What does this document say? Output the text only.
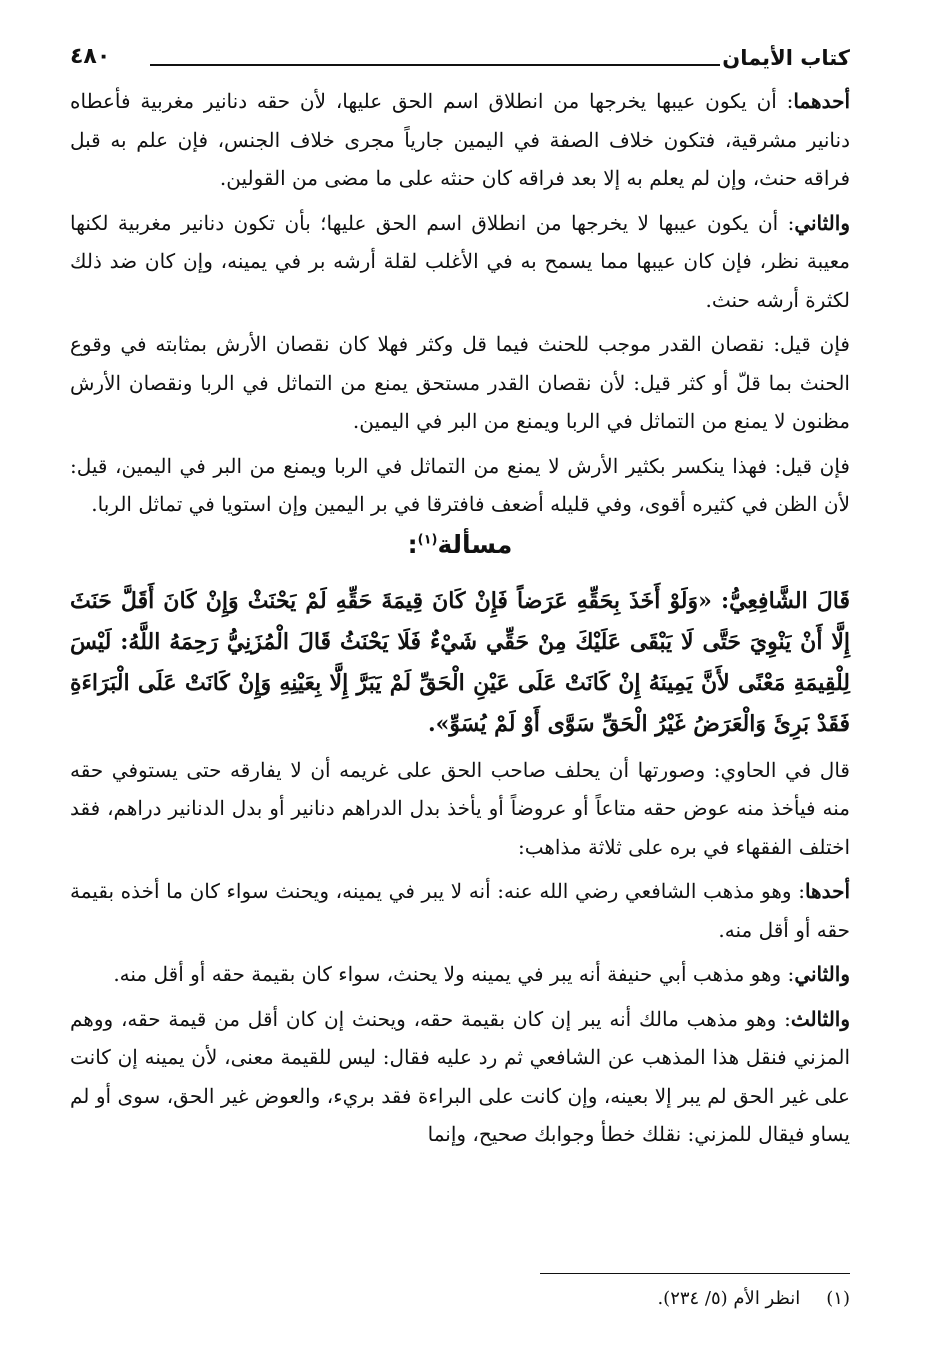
كتاب الأيمان
٤٨٠

أحدهما: أن يكون عيبها يخرجها من انطلاق اسم الحق عليها، لأن حقه دنانير مغربية فأعطاه دنانير مشرقية، فتكون خلاف الصفة في اليمين جارياً مجرى خلاف الجنس، فإن علم به قبل فراقه حنث، وإن لم يعلم به إلا بعد فراقه كان حنثه على ما مضى من القولين.

والثاني: أن يكون عيبها لا يخرجها من انطلاق اسم الحق عليها؛ بأن تكون دنانير مغربية لكنها معيبة نظر، فإن كان عيبها مما يسمح به في الأغلب لقلة أرشه بر في يمينه، وإن كان ضد ذلك لكثرة أرشه حنث.

فإن قيل: نقصان القدر موجب للحنث فيما قل وكثر فهلا كان نقصان الأرش بمثابته في وقوع الحنث بما قلّ أو كثر قيل: لأن نقصان القدر مستحق يمنع من التماثل في الربا ونقصان الأرش مظنون لا يمنع من التماثل في الربا ويمنع من البر في اليمين.

فإن قيل: فهذا ينكسر بكثير الأرش لا يمنع من التماثل في الربا ويمنع من البر في اليمين، قيل: لأن الظن في كثيره أقوى، وفي قليله أضعف فافترقا في بر اليمين وإن استويا في تماثل الربا.

مسألة$^{(١)}$:

قَالَ الشَّافِعِيُّ: «وَلَوْ أَخَذَ بِحَقِّهِ عَرَضاً فَإِنْ كَانَ قِيمَةَ حَقِّهِ لَمْ يَحْنَثْ وَإِنْ كَانَ أَقَلَّ حَنَثَ إِلَّا أَنْ يَنْوِيَ حَتَّى لَا يَبْقَى عَلَيْكَ مِنْ حَقِّي شَيْءٌ فَلَا يَحْنَثُ قَالَ الْمُزَنِيُّ رَحِمَهُ اللَّهُ: لَيْسَ لِلْقِيمَةِ مَعْنًى لأَنَّ يَمِينَهُ إِنْ كَانَتْ عَلَى عَيْنِ الْحَقِّ لَمْ يَبَرَّ إِلَّا بِعَيْنِهِ وَإِنْ كَانَتْ عَلَى الْبَرَاءَةِ فَقَدْ بَرِئَ وَالْعَرَضُ غَيْرُ الْحَقِّ سَوَّى أَوْ لَمْ يُسَوِّ».

قال في الحاوي: وصورتها أن يحلف صاحب الحق على غريمه أن لا يفارقه حتى يستوفي حقه منه فيأخذ منه عوض حقه متاعاً أو عروضاً أو يأخذ بدل الدراهم دنانير أو بدل الدنانير دراهم، فقد اختلف الفقهاء في بره على ثلاثة مذاهب:

أحدها: وهو مذهب الشافعي رضي الله عنه: أنه لا يبر في يمينه، ويحنث سواء كان ما أخذه بقيمة حقه أو أقل منه.

والثاني: وهو مذهب أبي حنيفة أنه يبر في يمينه ولا يحنث، سواء كان بقيمة حقه أو أقل منه.

والثالث: وهو مذهب مالك أنه يبر إن كان بقيمة حقه، ويحنث إن كان أقل من قيمة حقه، ووهم المزني فنقل هذا المذهب عن الشافعي ثم رد عليه فقال: ليس للقيمة معنى، لأن يمينه إن كانت على غير الحق لم يبر إلا بعينه، وإن كانت على البراءة فقد بريء، والعوض غير الحق، سوى أو لم يساو فيقال للمزني: نقلك خطأ وجوابك صحيح، وإنما

(١)
انظر الأم (٥/ ٢٣٤).
